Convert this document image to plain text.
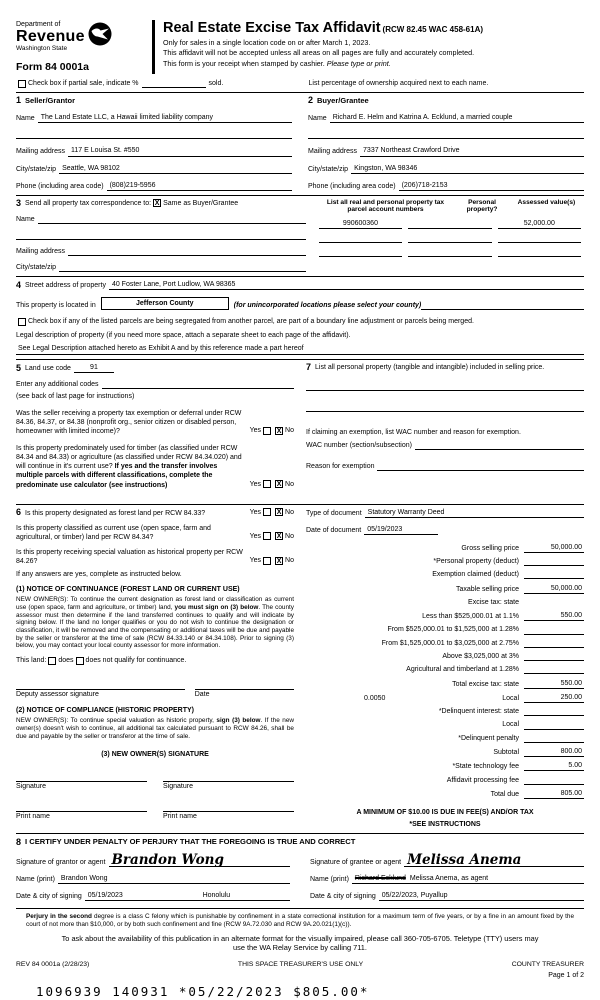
Department of
Revenue
Washington State
Form 84 0001a
Real Estate Excise Tax Affidavit (RCW 82.45 WAC 458-61A)
Only for sales in a single location code on or after March 1, 2023.
This affidavit will not be accepted unless all areas on all pages are fully and accurately completed.
This form is your receipt when stamped by cashier. Please type or print.
Check box if partial sale, indicate %	sold.	List percentage of ownership acquired next to each name.
1 Seller/Grantor
Name The Land Estate LLC, a Hawaii limited liability company
Mailing address 117 E Louisa St. #550
City/state/zip Seattle, WA 98102
Phone (including area code) (808)219-5956
2 Buyer/Grantee
Name Richard E. Helm and Katrina A. Ecklund, a married couple
Mailing address 7337 Northeast Crawford Drive
City/state/zip Kingston, WA 98346
Phone (including area code) (206)718-2153
3 Send all property tax correspondence to: X Same as Buyer/Grantee
Name
Mailing address
City/state/zip
List all real and personal property tax parcel account numbers
Personal property?
Assessed value(s)
990600360	52,000.00
4 Street address of property 40 Foster Lane, Port Ludlow, WA 98365
This property is located in	Jefferson County	(for unincorporated locations please select your county)
Check box if any of the listed parcels are being segregated from another parcel, are part of a boundary line adjustment or parcels being merged.
Legal description of property (if you need more space, attach a separate sheet to each page of the affidavit).
See Legal Description attached hereto as Exhibit A and by this reference made a part hereof
5 Land use code	91
Enter any additional codes
(see back of last page for instructions)
Was the seller receiving a property tax exemption or deferral under RCW 84.36, 84.37, or 84.38 (nonprofit org., senior citizen or disabled person, homeowner with limited income)?	Yes X No
Is this property predominately used for timber (as classified under RCW 84.34 and 84.33) or agriculture (as classified under RCW 84.34.020) and will continue in it's current use? If yes and the transfer involves multiple parcels with different classifications, complete the predominate use calculator (see instructions)	Yes X No
7 List all personal property (tangible and intangible) included in selling price.
If claiming an exemption, list WAC number and reason for exemption.
WAC number (section/subsection)
Reason for exemption
6 Is this property designated as forest land per RCW 84.33?	Yes X No
Is this property classified as current use (open space, farm and agricultural, or timber) land per RCW 84.34?	Yes X No
Is this property receiving special valuation as historical property per RCW 84.26?	Yes X No
If any answers are yes, complete as instructed below.
(1) NOTICE OF CONTINUANCE (FOREST LAND OR CURRENT USE)
NEW OWNER(S): To continue the current designation as forest land or classification as current use (open space, farm and agriculture, or timber) land, you must sign on (3) below. The county assessor must then determine if the land transferred continues to qualify and will indicate by signing below. If the land no longer qualifies or you do not wish to continue the designation or classification, it will be removed and the compensating or additional taxes will be due and payable by the seller or transferor at the time of sale (RCW 84.33.140 or 84.34.108). Prior to signing (3) below, you may contact your local county assessor for more information.
This land: does does not qualify for continuance.
Deputy assessor signature	Date
(2) NOTICE OF COMPLIANCE (HISTORIC PROPERTY)
NEW OWNER(S): To continue special valuation as historic property, sign (3) below. If the new owner(s) doesn't wish to continue, all additional tax calculated pursuant to RCW 84.26, shall be due and payable by the seller or transferor at the time of sale.
(3) NEW OWNER(S) SIGNATURE
Signature	Signature
Print name	Print name
Type of document Statutory Warranty Deed
Date of document 05/19/2023
Gross selling price	50,000.00
*Personal property (deduct)
Exemption claimed (deduct)
Taxable selling price	50,000.00
Excise tax: state
Less than $525,000.01 at 1.1%	550.00
From $525,000.01 to $1,525,000 at 1.28%
From $1,525,000.01 to $3,025,000 at 2.75%
Above $3,025,000 at 3%
Agricultural and timberland at 1.28%
Total excise tax: state	550.00
0.0050	Local	250.00
*Delinquent interest: state
Local
*Delinquent penalty
Subtotal	800.00
*State technology fee	5.00
Affidavit processing fee
Total due	805.00
A MINIMUM OF $10.00 IS DUE IN FEE(S) AND/OR TAX
*SEE INSTRUCTIONS
8 I CERTIFY UNDER PENALTY OF PERJURY THAT THE FOREGOING IS TRUE AND CORRECT
Signature of grantor or agent Brandon Wong
Name (print) Brandon Wong
Date & city of signing 05/19/2023	Honolulu
Signature of grantee or agent Melissa Anema
Name (print) Richard Ecklund Melissa Anema, as agent
Date & city of signing 05/22/2023, Puyallup
Perjury in the second degree is a class C felony which is punishable by confinement in a state correctional institution for a maximum term of five years, or by a fine in an amount fixed by the court of not more than $10,000, or by both such confinement and fine (RCW 9A.72.030 and RCW 9A.20.021(1)(c)).
To ask about the availability of this publication in an alternate format for the visually impaired, please call 360-705-6705. Teletype (TTY) users may use the WA Relay Service by calling 711.
REV 84 0001a (2/28/23)	THIS SPACE TREASURER'S USE ONLY	COUNTY TREASURER
1096939 140931 *05/22/2023 $805.00*
Page 1 of 2
